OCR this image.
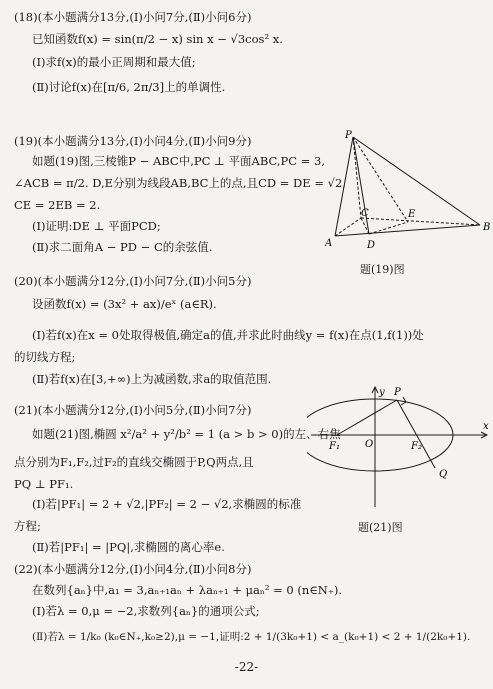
(18)(本小题满分13分,(Ⅰ)小问7分,(Ⅱ)小问6分)
已知函数f(x) = sin(π/2 − x) sin x − √3cos² x.
(Ⅰ)求f(x)的最小正周期和最大值;
(Ⅱ)讨论f(x)在[π/6, 2π/3]上的单调性.
(19)(本小题满分13分,(Ⅰ)小问4分,(Ⅱ)小问9分)
如题(19)图,三棱锥P − ABC中,PC ⊥ 平面ABC,PC = 3,
∠ACB = π/2. D,E分别为线段AB,BC上的点,且CD = DE = √2,
CE = 2EB = 2.
(Ⅰ)证明:DE ⊥ 平面PCD;
(Ⅱ)求二面角A − PD − C的余弦值.
P
A
B
C
D
E
题(19)图
(20)(本小题满分12分,(Ⅰ)小问7分,(Ⅱ)小问5分)
设函数f(x) = (3x² + ax)/eˣ (a∈R).
(Ⅰ)若f(x)在x = 0处取得极值,确定a的值,并求此时曲线y = f(x)在点(1,f(1))处
的切线方程;
(Ⅱ)若f(x)在[3,+∞)上为减函数,求a的取值范围.
(21)(本小题满分12分,(Ⅰ)小问5分,(Ⅱ)小问7分)
如题(21)图,椭圆 x²/a² + y²/b² = 1 (a > b > 0)的左、右焦
点分别为F₁,F₂,过F₂的直线交椭圆于P,Q两点,且
PQ ⊥ PF₁.
(Ⅰ)若|PF₁| = 2 + √2,|PF₂| = 2 − √2,求椭圆的标准
方程;
(Ⅱ)若|PF₁| = |PQ|,求椭圆的离心率e.
y
x
P
Q
O
F₁	F₂
题(21)图
(22)(本小题满分12分,(Ⅰ)小问4分,(Ⅱ)小问8分)
在数列{aₙ}中,a₁ = 3,aₙ₊₁aₙ + λaₙ₊₁ + μaₙ² = 0 (n∈N₊).
(Ⅰ)若λ = 0,μ = −2,求数列{aₙ}的通项公式;
(Ⅱ)若λ = 1/k₀ (k₀∈N₊,k₀≥2),μ = −1,证明:2 + 1/(3k₀+1) < a_(k₀+1) < 2 + 1/(2k₀+1).
-22-
